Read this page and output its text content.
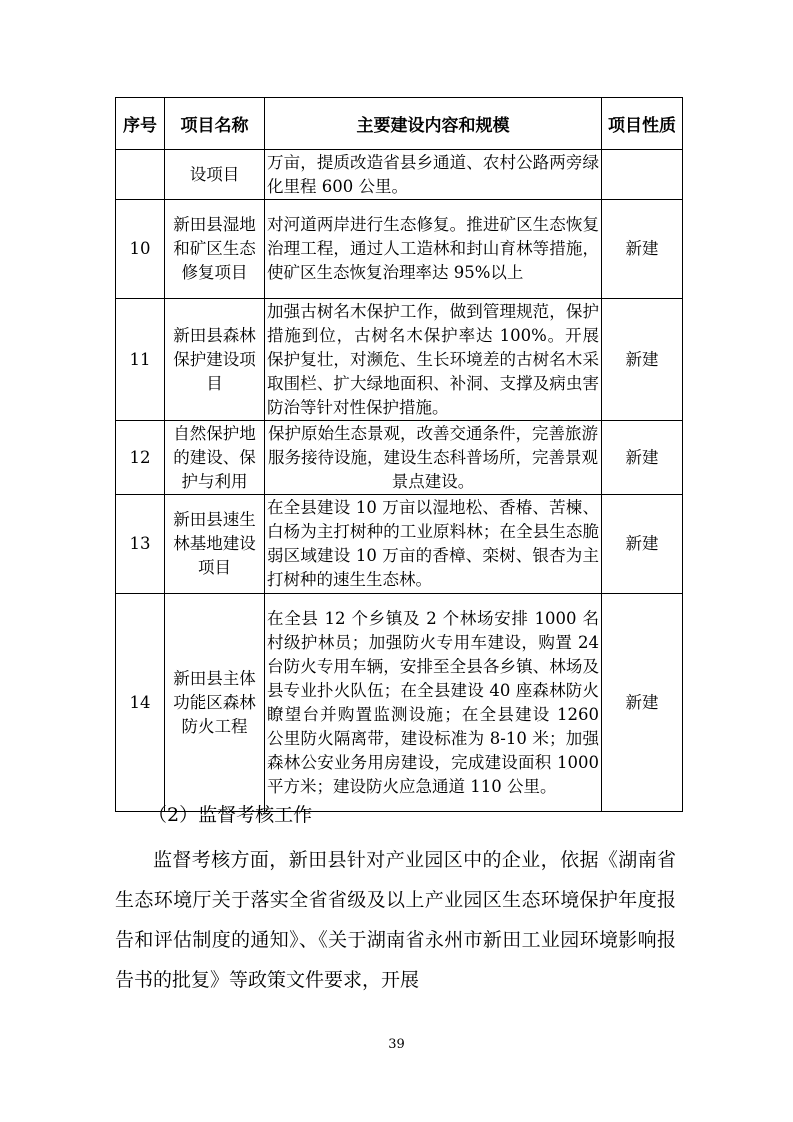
序号	项目名称	主要建设内容和规模	项目性质

	设项目	万亩，提质改造省县乡通道、农村公路两旁绿化里程 600 公里。	
10	新田县湿地和矿区生态修复项目	对河道两岸进行生态修复。推进矿区生态恢复治理工程，通过人工造林和封山育林等措施，使矿区生态恢复治理率达 95%以上	新建
11	新田县森林保护建设项目	加强古树名木保护工作，做到管理规范，保护措施到位，古树名木保护率达 100%。开展保护复壮，对濒危、生长环境差的古树名木采取围栏、扩大绿地面积、补洞、支撑及病虫害防治等针对性保护措施。	新建
12	自然保护地的建设、保护与利用	保护原始生态景观，改善交通条件，完善旅游服务接待设施，建设生态科普场所，完善景观景点建设。	新建
13	新田县速生林基地建设项目	在全县建设 10 万亩以湿地松、香椿、苦楝、白杨为主打树种的工业原料林；在全县生态脆弱区域建设 10 万亩的香樟、栾树、银杏为主打树种的速生生态林。	新建
14	新田县主体功能区森林防火工程	在全县 12 个乡镇及 2 个林场安排 1000 名村级护林员；加强防火专用车建设，购置 24 台防火专用车辆，安排至全县各乡镇、林场及县专业扑火队伍；在全县建设 40 座森林防火瞭望台并购置监测设施；在全县建设 1260 公里防火隔离带，建设标准为 8-10 米；加强森林公安业务用房建设，完成建设面积 1000 平方米；建设防火应急通道 110 公里。	新建

（2）监督考核工作

监督考核方面，新田县针对产业园区中的企业，依据《湖南省生态环境厅关于落实全省省级及以上产业园区生态环境保护年度报告和评估制度的通知》、《关于湖南省永州市新田工业园环境影响报告书的批复》等政策文件要求，开展

39
